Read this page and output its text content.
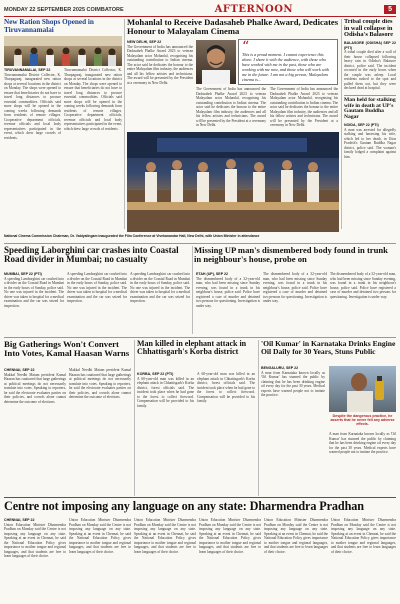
MONDAY 22 SEPTEMBER 2025 COIMBATORE	AFTERNOON	5
New Ration Shops Opened in Tiruvannamalai
TIRUVANNAMALAI, SEP 22
Tiruvannamalai District Collector, K. Tharpagaraj, inaugurated new ration shops at several locations in the district on Monday. The shops were opened to ensure that beneficiaries do not have to travel long distances to procure essential commodities. Officials said more shops will be opened in the coming weeks following demands from residents of remote villages. Cooperative department officials, revenue officials and local body representatives participated in the event, which drew large crowds of residents.
Tiruvannamalai District Collector, K. Tharpagaraj, inaugurated new ration shops at several locations in the district on Monday. The shops were opened to ensure that beneficiaries do not have to travel long distances to procure essential commodities. Officials said more shops will be opened in the coming weeks following demands from residents of remote villages. Cooperative department officials, revenue officials and local body representatives participated in the event, which drew large crowds of residents.
Mohanlal to Receive Dadasaheb Phalke Award, Dedicates Honour to Malayalam Cinema
NEW DELHI, SEP 22
The Government of India has announced the Dadasaheb Phalke Award 2023 to veteran Malayalam actor Mohanlal, recognising his outstanding contribution to Indian cinema. The actor said he dedicates the honour to the entire Malayalam film industry, the audiences and all his fellow artistes and technicians. The award will be presented by the President at a ceremony in New Delhi.
“
This is a proud moment. I cannot experience this alone. I share it with the audience, with those who have worked with me in the past, those who are working with me now, and those who will work with me in the future. I am not a big person; Malayalam cinema is...
The Government of India has announced the Dadasaheb Phalke Award 2023 to veteran Malayalam actor Mohanlal, recognising his outstanding contribution to Indian cinema. The actor said he dedicates the honour to the entire Malayalam film industry, the audiences and all his fellow artistes and technicians. The award will be presented by the President at a ceremony in New Delhi.
The Government of India has announced the Dadasaheb Phalke Award 2023 to veteran Malayalam actor Mohanlal, recognising his outstanding contribution to Indian cinema. The actor said he dedicates the honour to the entire Malayalam film industry, the audiences and all his fellow artistes and technicians. The award will be presented by the President at a ceremony in New Delhi.
Tribal couple dies in wall collapse in Odisha's Balasore
BALASORE (ODISHA) SEP 22 (PTI)
A tribal couple died after a wall of their house collapsed following heavy rain in Odisha's Balasore district, police said. The incident occurred in the early hours when the couple was asleep. Local residents rushed to the spot and pulled them out, but they were declared dead at hospital.
Man held for stalking wife in death at UP's Gautam Buddha Nagar
NOIDA, SEP 22 (PTI)
A man was arrested for allegedly stalking and harassing his wife, which led to her death, in Uttar Pradesh's Gautam Buddha Nagar district, police said. The woman's family lodged a complaint against him.
National Cinema Commission Chairman, Dr. Vaidyalingam inaugurated the Film Conference at Vivekanandar Hall, New Delhi, with Union Minister in attendance
Speeding Laborghini car crashes into Coastal Road divider in Mumbai; no casualty
Missing UP man's dismembered body found in trunk in neighbour's house, probe on
MUMBAI, SEP 22 (PTI)
A speeding Lamborghini car crashed into a divider on the Coastal Road in Mumbai in the early hours of Sunday, police said. No one was injured in the incident. The driver was taken to hospital for a medical examination and the car was seized for inspection.
A speeding Lamborghini car crashed into a divider on the Coastal Road in Mumbai in the early hours of Sunday, police said. No one was injured in the incident. The driver was taken to hospital for a medical examination and the car was seized for inspection.
A speeding Lamborghini car crashed into a divider on the Coastal Road in Mumbai in the early hours of Sunday, police said. No one was injured in the incident. The driver was taken to hospital for a medical examination and the car was seized for inspection.
ETAH (UP), SEP 22
The dismembered body of a 32-year-old man, who had been missing since Sunday evening, was found in a trunk in his neighbour's house, police said. Police have registered a case of murder and detained two persons for questioning. Investigation is under way.
The dismembered body of a 32-year-old man, who had been missing since Sunday evening, was found in a trunk in his neighbour's house, police said. Police have registered a case of murder and detained two persons for questioning. Investigation is under way.
The dismembered body of a 32-year-old man, who had been missing since Sunday evening, was found in a trunk in his neighbour's house, police said. Police have registered a case of murder and detained two persons for questioning. Investigation is under way.
Big Gatherings Won't Convert Into Votes, Kamal Haasan Warns
CHENNAI, SEP 22
Makkal Needhi Maiam president Kamal Haasan has cautioned that large gatherings at political meetings do not necessarily translate into votes. Speaking to reporters, he said the electorate evaluates parties on their policies, and crowds alone cannot determine the outcome of elections.
Makkal Needhi Maiam president Kamal Haasan has cautioned that large gatherings at political meetings do not necessarily translate into votes. Speaking to reporters, he said the electorate evaluates parties on their policies, and crowds alone cannot determine the outcome of elections.
Man killed in elephant attack in Chhattisgarh's Korba district
KORBA, SEP 22 (PTI)
A 60-year-old man was killed in an elephant attack in Chhattisgarh's Korba district, forest officials said. The incident took place when he had gone to the forest to collect firewood. Compensation will be provided to his family.
A 60-year-old man was killed in an elephant attack in Chhattisgarh's Korba district, forest officials said. The incident took place when he had gone to the forest to collect firewood. Compensation will be provided to his family.
'Oil Kumar' in Karnataka Drinks Engine Oil Daily for 30 Years, Stuns Public
BENGALURU, SEP 22
A man from Karnataka known locally as 'Oil Kumar' has stunned the public by claiming that he has been drinking engine oil every day for the past 30 years. Medical experts have warned people not to imitate the practice.
Despite the dangerous practice, he asserts that he never felt any adverse effects.
A man from Karnataka known locally as 'Oil Kumar' has stunned the public by claiming that he has been drinking engine oil every day for the past 30 years. Medical experts have warned people not to imitate the practice.
Centre not imposing any language on any state: Dharmendra Pradhan
CHENNAI, SEP 22
Union Education Minister Dharmendra Pradhan on Monday said the Centre is not imposing any language on any state. Speaking at an event in Chennai, he said the National Education Policy gives importance to mother tongue and regional languages, and that students are free to learn languages of their choice.
Union Education Minister Dharmendra Pradhan on Monday said the Centre is not imposing any language on any state. Speaking at an event in Chennai, he said the National Education Policy gives importance to mother tongue and regional languages, and that students are free to learn languages of their choice.
Union Education Minister Dharmendra Pradhan on Monday said the Centre is not imposing any language on any state. Speaking at an event in Chennai, he said the National Education Policy gives importance to mother tongue and regional languages, and that students are free to learn languages of their choice.
Union Education Minister Dharmendra Pradhan on Monday said the Centre is not imposing any language on any state. Speaking at an event in Chennai, he said the National Education Policy gives importance to mother tongue and regional languages, and that students are free to learn languages of their choice.
Union Education Minister Dharmendra Pradhan on Monday said the Centre is not imposing any language on any state. Speaking at an event in Chennai, he said the National Education Policy gives importance to mother tongue and regional languages, and that students are free to learn languages of their choice.
Union Education Minister Dharmendra Pradhan on Monday said the Centre is not imposing any language on any state. Speaking at an event in Chennai, he said the National Education Policy gives importance to mother tongue and regional languages, and that students are free to learn languages of their choice.
